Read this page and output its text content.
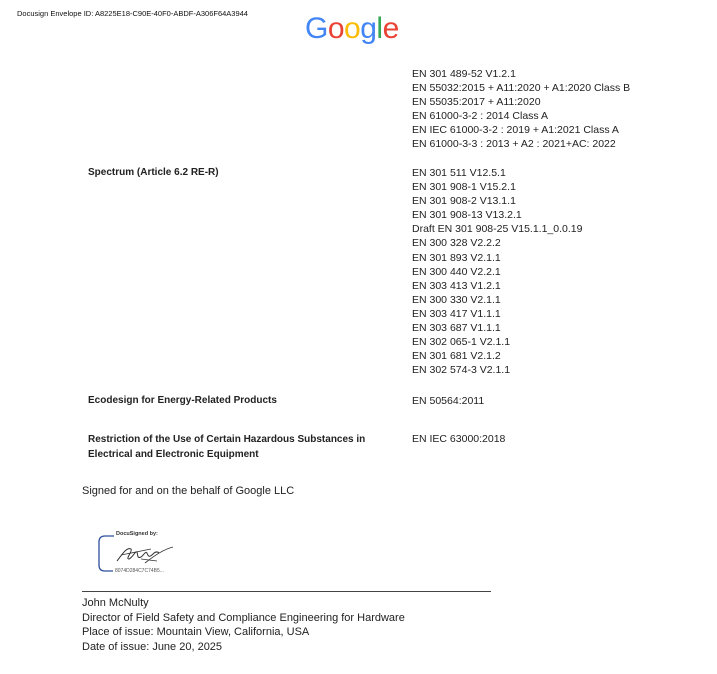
Docusign Envelope ID: A8225E18-C90E-40F0-ABDF-A306F64A3944 G o o g l e
EN 301 489-52 V1.2.1
EN 55032:2015 + A11:2020 + A1:2020 Class B
EN 55035:2017 + A11:2020
EN 61000-3-2 : 2014 Class A
EN IEC 61000-3-2 : 2019 + A1:2021 Class A
EN 61000-3-3 : 2013 + A2 : 2021+AC: 2022
Spectrum (Article 6.2 RE-R)	EN 301 511 V12.5.1
EN 301 908-1 V15.2.1
EN 301 908-2 V13.1.1
EN 301 908-13 V13.2.1
Draft EN 301 908-25 V15.1.1_0.0.19
EN 300 328 V2.2.2
EN 301 893 V2.1.1
EN 300 440 V2.2.1
EN 303 413 V1.2.1
EN 300 330 V2.1.1
EN 303 417 V1.1.1
EN 303 687 V1.1.1
EN 302 065-1 V2.1.1
EN 301 681 V2.1.2
EN 302 574-3 V2.1.1
Ecodesign for Energy-Related Products	EN 50564:2011
Restriction of the Use of Certain Hazardous Substances in
Electrical and Electronic Equipment
EN IEC 63000:2018
Signed for and on the behalf of Google LLC
DocuSigned by:
8074D284C7C74B5...
John McNulty
Director of Field Safety and Compliance Engineering for Hardware
Place of issue: Mountain View, California, USA
Date of issue: June 20, 2025
